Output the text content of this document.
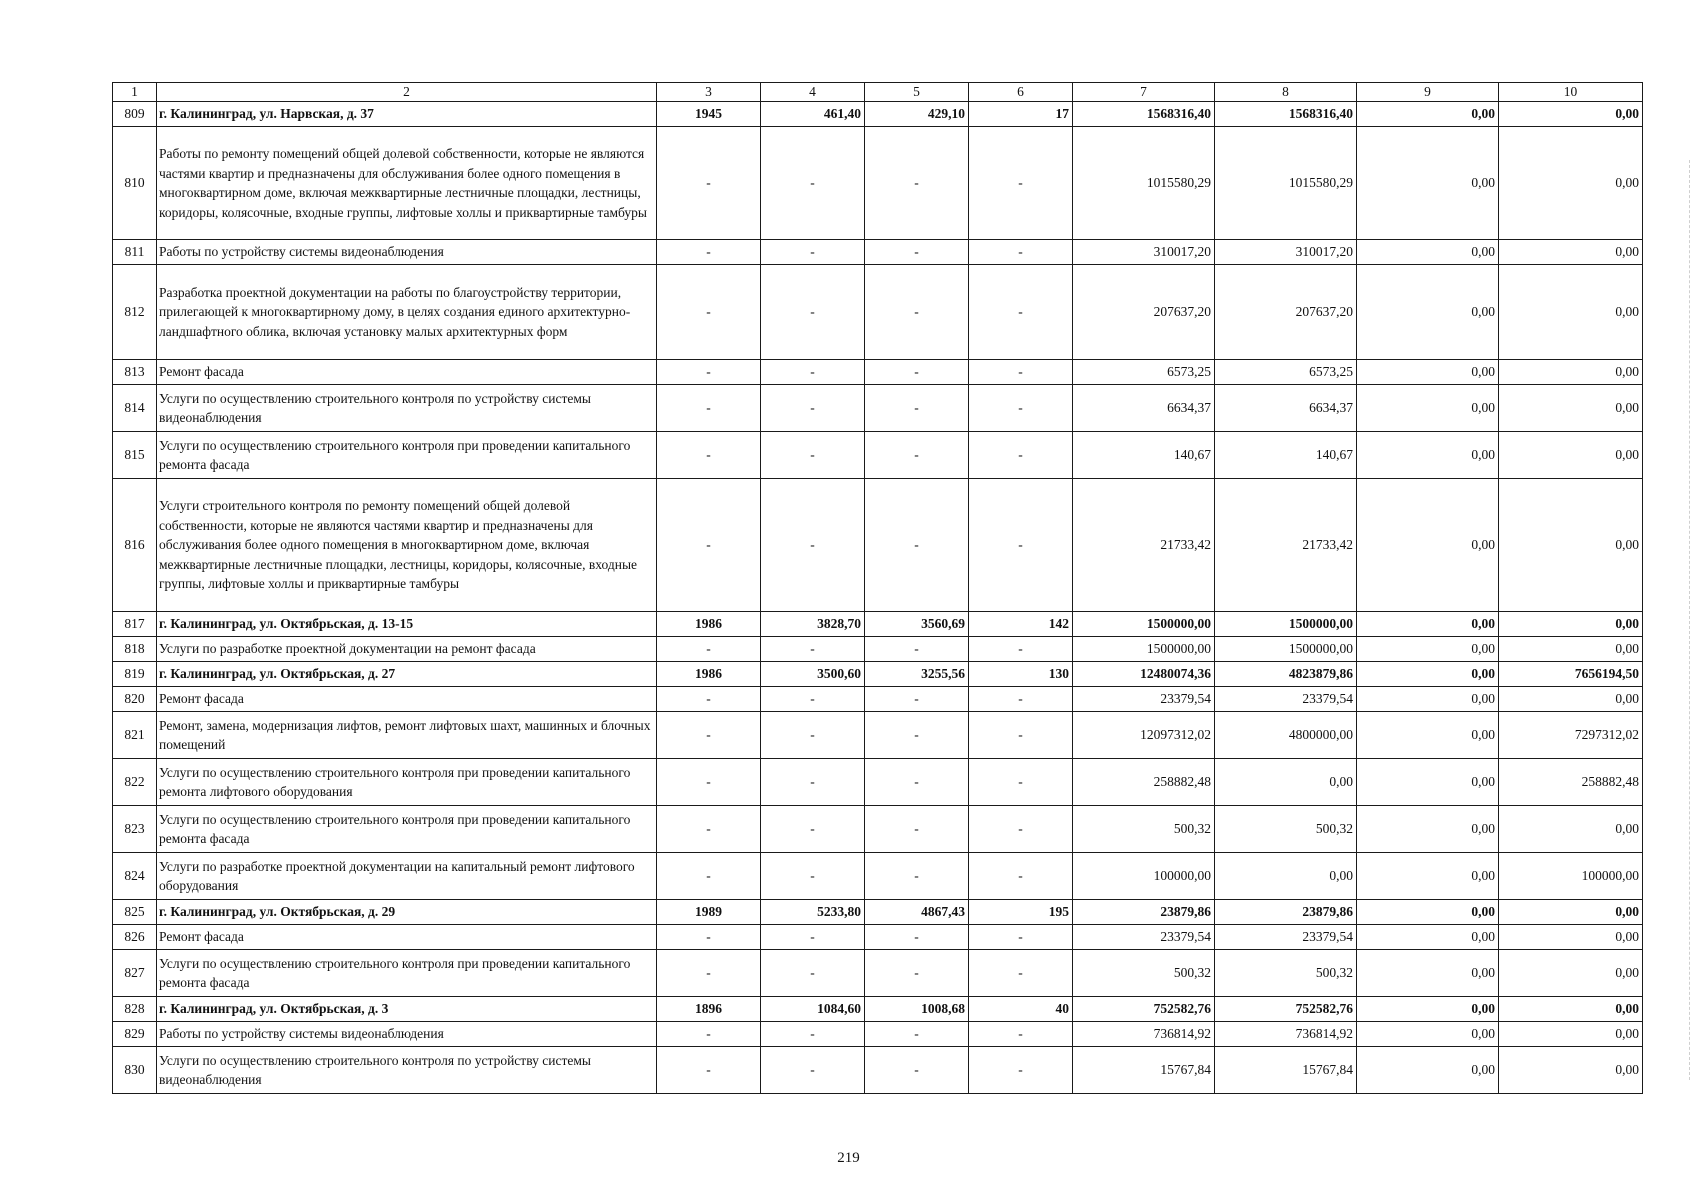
1	2	3	4	5	6	7	8	9	10
809	г. Калининград, ул. Нарвская, д. 37	1945	461,40	429,10	17	1568316,40	1568316,40	0,00	0,00
810	Работы по ремонту помещений общей долевой собственности, которые не являются частями квартир и предназначены для обслуживания более одного помещения в многоквартирном доме, включая межквартирные лестничные площадки, лестницы, коридоры, колясочные, входные группы, лифтовые холлы и приквартирные тамбуры	-	-	-	-	1015580,29	1015580,29	0,00	0,00
811	Работы по устройству системы видеонаблюдения	-	-	-	-	310017,20	310017,20	0,00	0,00
812	Разработка проектной документации на работы по благоустройству территории, прилегающей к многоквартирному дому, в целях создания единого архитектурно-ландшафтного облика, включая установку малых архитектурных форм	-	-	-	-	207637,20	207637,20	0,00	0,00
813	Ремонт фасада	-	-	-	-	6573,25	6573,25	0,00	0,00
814	Услуги по осуществлению строительного контроля по устройству системы видеонаблюдения	-	-	-	-	6634,37	6634,37	0,00	0,00
815	Услуги по осуществлению строительного контроля при проведении капитального ремонта фасада	-	-	-	-	140,67	140,67	0,00	0,00
816	Услуги строительного контроля по ремонту помещений общей долевой собственности, которые не являются частями квартир и предназначены для обслуживания более одного помещения в многоквартирном доме, включая межквартирные лестничные площадки, лестницы, коридоры, колясочные, входные группы, лифтовые холлы и приквартирные тамбуры	-	-	-	-	21733,42	21733,42	0,00	0,00
817	г. Калининград, ул. Октябрьская, д. 13-15	1986	3828,70	3560,69	142	1500000,00	1500000,00	0,00	0,00
818	Услуги по разработке проектной документации на ремонт фасада	-	-	-	-	1500000,00	1500000,00	0,00	0,00
819	г. Калининград, ул. Октябрьская, д. 27	1986	3500,60	3255,56	130	12480074,36	4823879,86	0,00	7656194,50
820	Ремонт фасада	-	-	-	-	23379,54	23379,54	0,00	0,00
821	Ремонт, замена, модернизация лифтов, ремонт лифтовых шахт, машинных и блочных помещений	-	-	-	-	12097312,02	4800000,00	0,00	7297312,02
822	Услуги по осуществлению строительного контроля при проведении капитального ремонта лифтового оборудования	-	-	-	-	258882,48	0,00	0,00	258882,48
823	Услуги по осуществлению строительного контроля при проведении капитального ремонта фасада	-	-	-	-	500,32	500,32	0,00	0,00
824	Услуги по разработке проектной документации на капитальный ремонт лифтового оборудования	-	-	-	-	100000,00	0,00	0,00	100000,00
825	г. Калининград, ул. Октябрьская, д. 29	1989	5233,80	4867,43	195	23879,86	23879,86	0,00	0,00
826	Ремонт фасада	-	-	-	-	23379,54	23379,54	0,00	0,00
827	Услуги по осуществлению строительного контроля при проведении капитального ремонта фасада	-	-	-	-	500,32	500,32	0,00	0,00
828	г. Калининград, ул. Октябрьская, д. 3	1896	1084,60	1008,68	40	752582,76	752582,76	0,00	0,00
829	Работы по устройству системы видеонаблюдения	-	-	-	-	736814,92	736814,92	0,00	0,00
830	Услуги по осуществлению строительного контроля по устройству системы видеонаблюдения	-	-	-	-	15767,84	15767,84	0,00	0,00
219
